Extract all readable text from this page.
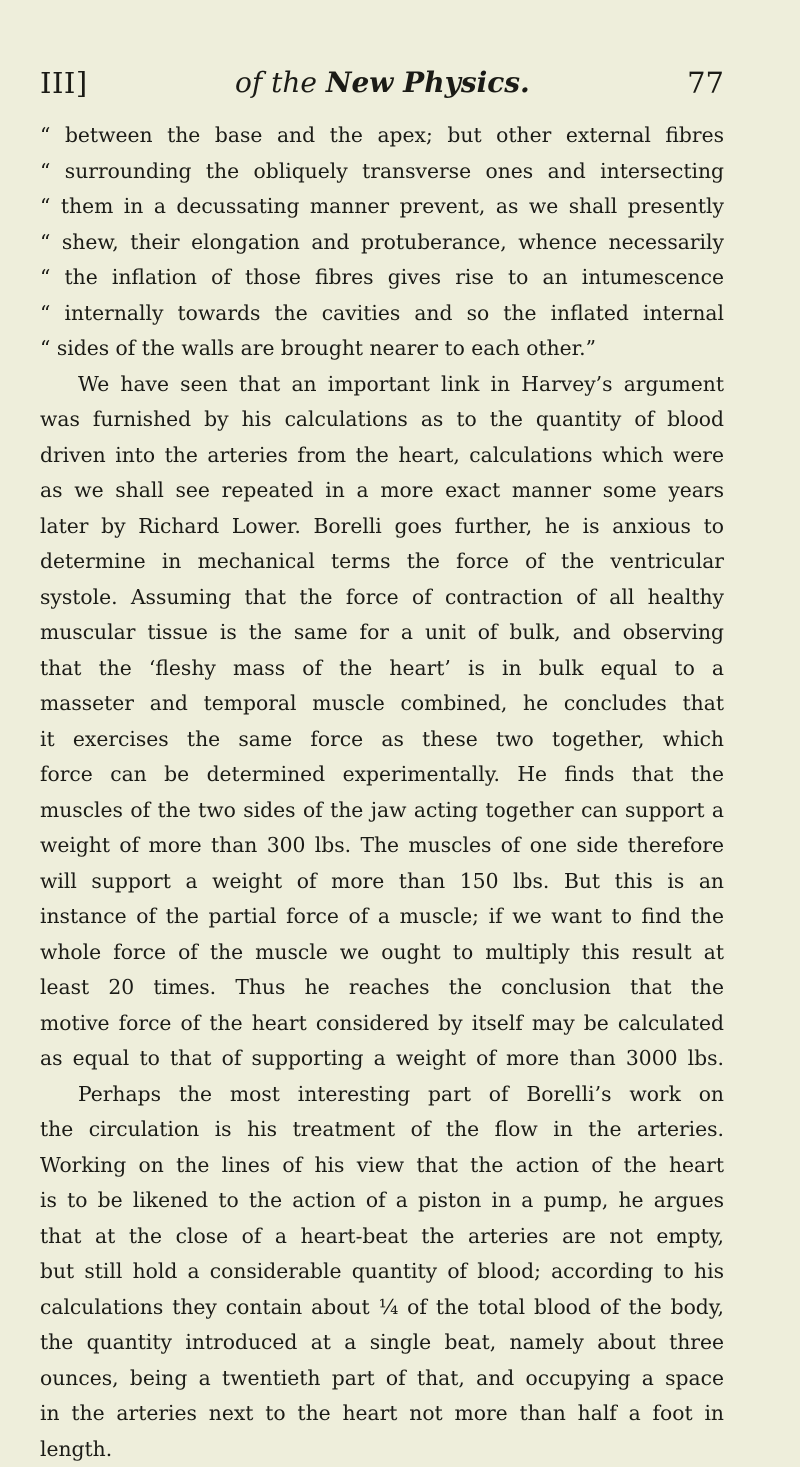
III]	of the New Physics.	77
“ between the base and the apex; but other external fibres
“ surrounding the obliquely transverse ones and intersecting
“ them in a decussating manner prevent, as we shall presently
“ shew, their elongation and protuberance, whence necessarily
“ the inflation of those fibres gives rise to an intumescence
“ internally towards the cavities and so the inflated internal
“ sides of the walls are brought nearer to each other.”
We have seen that an important link in Harvey’s argument
was furnished by his calculations as to the quantity of blood
driven into the arteries from the heart, calculations which were
as we shall see repeated in a more exact manner some years
later by Richard Lower. Borelli goes further, he is anxious to
determine in mechanical terms the force of the ventricular
systole. Assuming that the force of contraction of all healthy
muscular tissue is the same for a unit of bulk, and observing
that the ‘fleshy mass of the heart’ is in bulk equal to a
masseter and temporal muscle combined, he concludes that
it exercises the same force as these two together, which
force can be determined experimentally. He finds that the
muscles of the two sides of the jaw acting together can support a
weight of more than 300 lbs. The muscles of one side therefore
will support a weight of more than 150 lbs. But this is an
instance of the partial force of a muscle; if we want to find the
whole force of the muscle we ought to multiply this result at
least 20 times. Thus he reaches the conclusion that the
motive force of the heart considered by itself may be calculated
as equal to that of supporting a weight of more than 3000 lbs.
Perhaps the most interesting part of Borelli’s work on
the circulation is his treatment of the flow in the arteries.
Working on the lines of his view that the action of the heart
is to be likened to the action of a piston in a pump, he argues
that at the close of a heart-beat the arteries are not empty,
but still hold a considerable quantity of blood; according to his
calculations they contain about ¼ of the total blood of the body,
the quantity introduced at a single beat, namely about three
ounces, being a twentieth part of that, and occupying a space
in the arteries next to the heart not more than half a foot in
length.
